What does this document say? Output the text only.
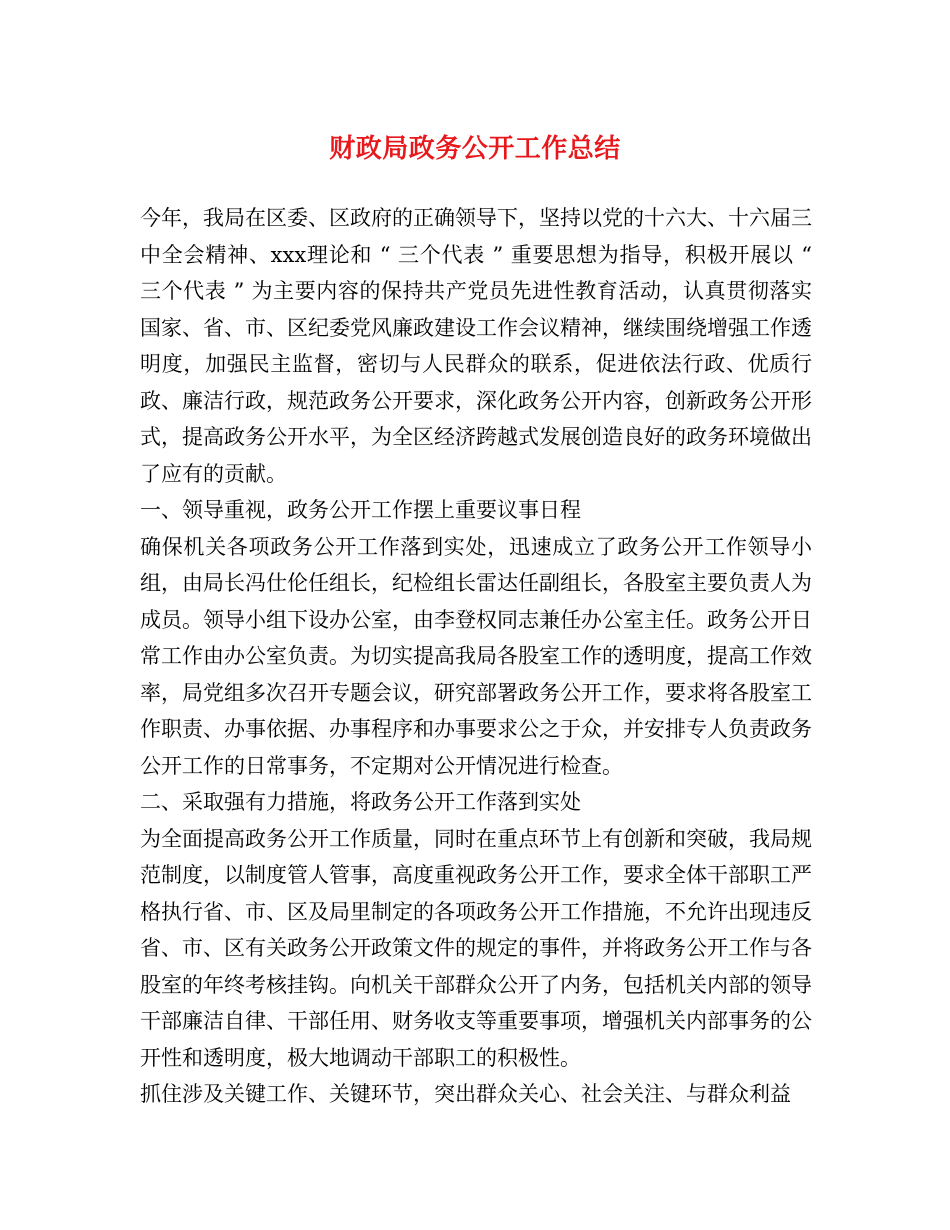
财政局政务公开工作总结

今年，我局在区委、区政府的正确领导下，坚持以党的十六大、十六届三中全会精神、xxx理论和 “ 三个代表 ” 重要思想为指导，积极开展以 “ 三个代表 ” 为主要内容的保持共产党员先进性教育活动，认真贯彻落实国家、省、市、区纪委党风廉政建设工作会议精神，继续围绕增强工作透明度，加强民主监督，密切与人民群众的联系，促进依法行政、优质行政、廉洁行政，规范政务公开要求，深化政务公开内容，创新政务公开形式，提高政务公开水平，为全区经济跨越式发展创造良好的政务环境做出了应有的贡献。

一、领导重视，政务公开工作摆上重要议事日程

确保机关各项政务公开工作落到实处，迅速成立了政务公开工作领导小组，由局长冯仕伦任组长，纪检组长雷达任副组长，各股室主要负责人为成员。领导小组下设办公室，由李登权同志兼任办公室主任。政务公开日常工作由办公室负责。为切实提高我局各股室工作的透明度，提高工作效率，局党组多次召开专题会议，研究部署政务公开工作，要求将各股室工作职责、办事依据、办事程序和办事要求公之于众，并安排专人负责政务公开工作的日常事务，不定期对公开情况进行检查。

二、采取强有力措施，将政务公开工作落到实处

为全面提高政务公开工作质量，同时在重点环节上有创新和突破，我局规范制度，以制度管人管事，高度重视政务公开工作，要求全体干部职工严格执行省、市、区及局里制定的各项政务公开工作措施，不允许出现违反省、市、区有关政务公开政策文件的规定的事件，并将政务公开工作与各股室的年终考核挂钩。向机关干部群众公开了内务，包括机关内部的领导干部廉洁自律、干部任用、财务收支等重要事项，增强机关内部事务的公开性和透明度，极大地调动干部职工的积极性。

抓住涉及关键工作、关键环节，突出群众关心、社会关注、与群众利益
